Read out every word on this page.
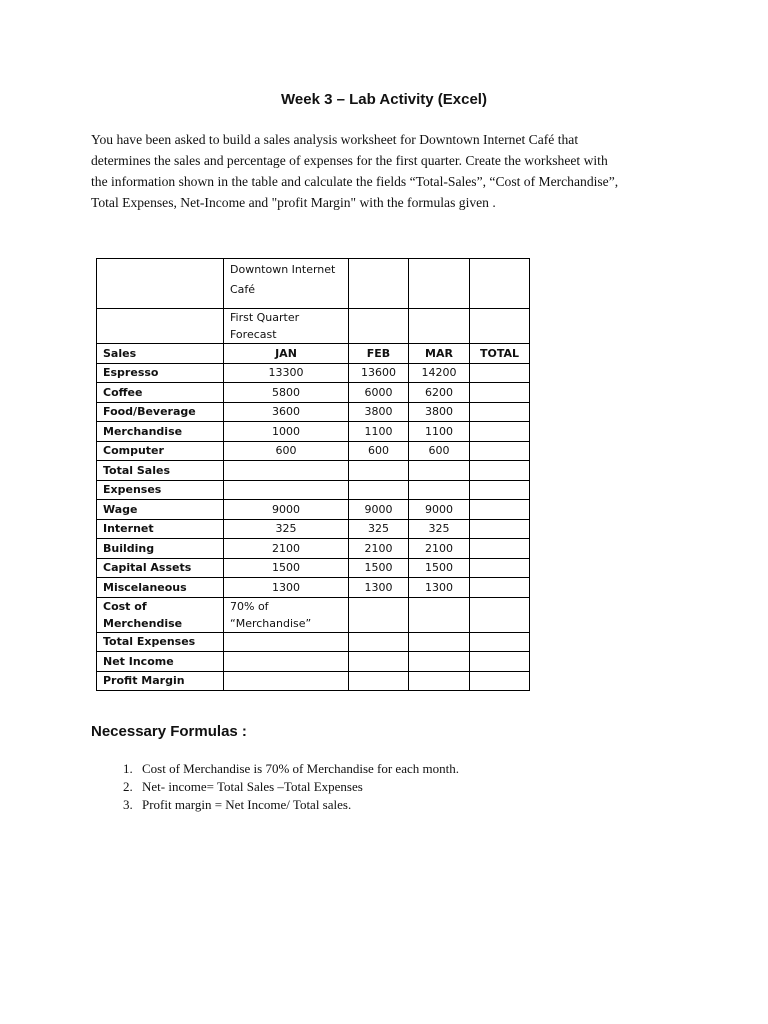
Week 3 – Lab Activity (Excel)
You have been asked to build a sales analysis worksheet for Downtown Internet Café that
determines the sales and percentage of expenses for the first quarter. Create the worksheet with
the information shown in the table and calculate the fields “Total-Sales”, “Cost of Merchandise”,
Total Expenses, Net-Income and "profit Margin" with the formulas given .
	Downtown Internet Café			
	First Quarter Forecast			
Sales	JAN	FEB	MAR	TOTAL
Espresso	13300	13600	14200	
Coffee	5800	6000	6200	
Food/Beverage	3600	3800	3800	
Merchandise	1000	1100	1100	
Computer	600	600	600	
Total Sales				
Expenses				
Wage	9000	9000	9000	
Internet	325	325	325	
Building	2100	2100	2100	
Capital Assets	1500	1500	1500	
Miscelaneous	1300	1300	1300	
Cost of Merchendise	70% of “Merchandise”			
Total Expenses				
Net Income				
Profit Margin				
Necessary Formulas :
1. Cost of Merchandise is 70% of Merchandise for each month.
2. Net- income= Total Sales –Total Expenses
3. Profit margin = Net Income/ Total sales.
